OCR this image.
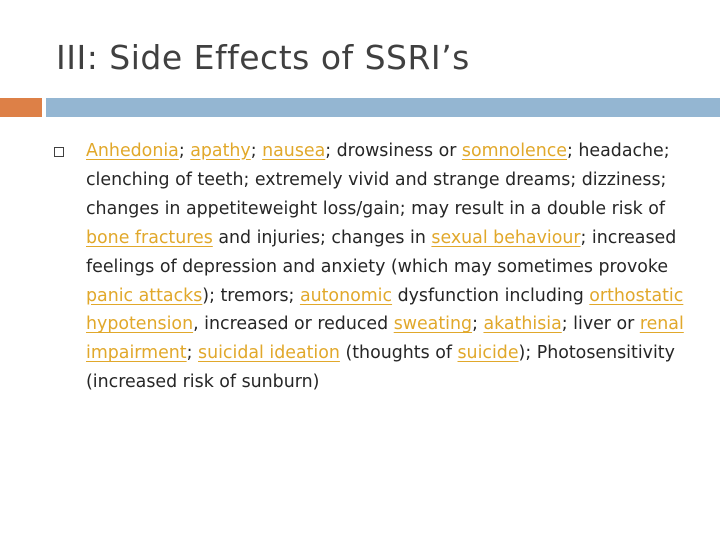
III: Side Effects of SSRI’s
Anhedonia; apathy; nausea; drowsiness or somnolence; headache; clenching of teeth; extremely vivid and strange dreams; dizziness; changes in appetiteweight loss/gain; may result in a double risk of bone fractures and injuries; changes in sexual behaviour; increased feelings of depression and anxiety (which may sometimes provoke panic attacks); tremors; autonomic dysfunction including orthostatic hypotension, increased or reduced sweating; akathisia; liver or renal impairment; suicidal ideation (thoughts of suicide); Photosensitivity (increased risk of sunburn)
